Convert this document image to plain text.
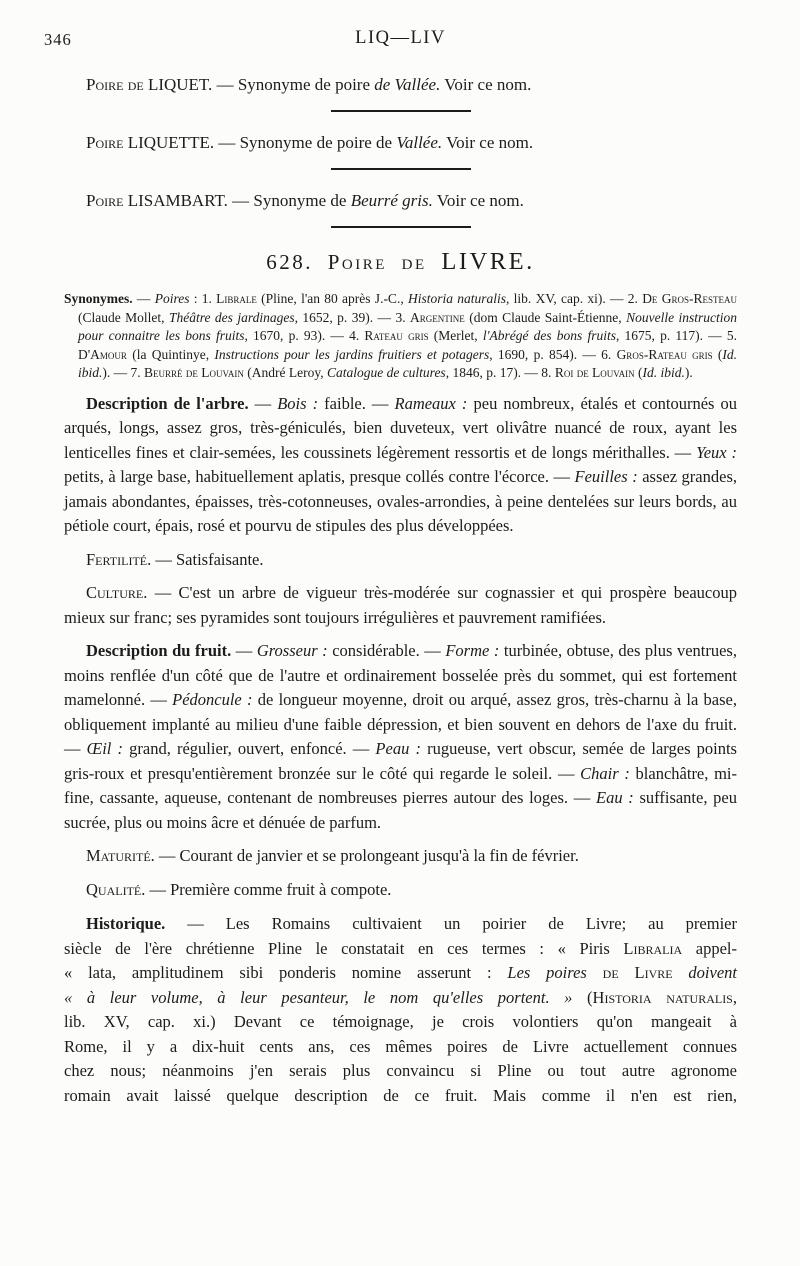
346	LIQ—LIV

Poire de LIQUET. — Synonyme de poire de Vallée. Voir ce nom.

Poire LIQUETTE. — Synonyme de poire de Vallée. Voir ce nom.

Poire LISAMBART. — Synonyme de Beurré gris. Voir ce nom.

628. Poire de LIVRE.

Synonymes. — Poires : 1. Librale (Pline, l'an 80 après J.-C., Historia naturalis, lib. XV, cap. xi). — 2. De Gros-Resteau (Claude Mollet, Théâtre des jardinages, 1652, p. 39). — 3. Argentine (dom Claude Saint-Étienne, Nouvelle instruction pour connaitre les bons fruits, 1670, p. 93). — 4. Rateau gris (Merlet, l'Abrégé des bons fruits, 1675, p. 117). — 5. D'Amour (la Quintinye, Instructions pour les jardins fruitiers et potagers, 1690, p. 854). — 6. Gros-Rateau gris (Id. ibid.). — 7. Beurré de Louvain (André Leroy, Catalogue de cultures, 1846, p. 17). — 8. Roi de Louvain (Id. ibid.).

Description de l'arbre. — Bois : faible. — Rameaux : peu nombreux, étalés et contournés ou arqués, longs, assez gros, très-géniculés, bien duveteux, vert olivâtre nuancé de roux, ayant les lenticelles fines et clair-semées, les coussinets légèrement ressortis et de longs mérithalles. — Yeux : petits, à large base, habituellement aplatis, presque collés contre l'écorce. — Feuilles : assez grandes, jamais abondantes, épaisses, très-cotonneuses, ovales-arrondies, à peine dentelées sur leurs bords, au pétiole court, épais, rosé et pourvu de stipules des plus développées.

Fertilité. — Satisfaisante.

Culture. — C'est un arbre de vigueur très-modérée sur cognassier et qui prospère beaucoup mieux sur franc; ses pyramides sont toujours irrégulières et pauvrement ramifiées.

Description du fruit. — Grosseur : considérable. — Forme : turbinée, obtuse, des plus ventrues, moins renflée d'un côté que de l'autre et ordinairement bosselée près du sommet, qui est fortement mamelonné. — Pédoncule : de longueur moyenne, droit ou arqué, assez gros, très-charnu à la base, obliquement implanté au milieu d'une faible dépression, et bien souvent en dehors de l'axe du fruit. — Œil : grand, régulier, ouvert, enfoncé. — Peau : rugueuse, vert obscur, semée de larges points gris-roux et presqu'entièrement bronzée sur le côté qui regarde le soleil. — Chair : blanchâtre, mi-fine, cassante, aqueuse, contenant de nombreuses pierres autour des loges. — Eau : suffisante, peu sucrée, plus ou moins âcre et dénuée de parfum.

Maturité. — Courant de janvier et se prolongeant jusqu'à la fin de février.

Qualité. — Première comme fruit à compote.

Historique. — Les Romains cultivaient un poirier de Livre; au premier
siècle de l'ère chrétienne Pline le constatait en ces termes : « Piris Libralia appel-
« lata, amplitudinem sibi ponderis nomine asserunt : Les poires de Livre doivent
« à leur volume, à leur pesanteur, le nom qu'elles portent. » (Historia naturalis,
lib. XV, cap. xi.) Devant ce témoignage, je crois volontiers qu'on mangeait à
Rome, il y a dix-huit cents ans, ces mêmes poires de Livre actuellement connues
chez nous; néanmoins j'en serais plus convaincu si Pline ou tout autre agronome
romain avait laissé quelque description de ce fruit. Mais comme il n'en est rien,
